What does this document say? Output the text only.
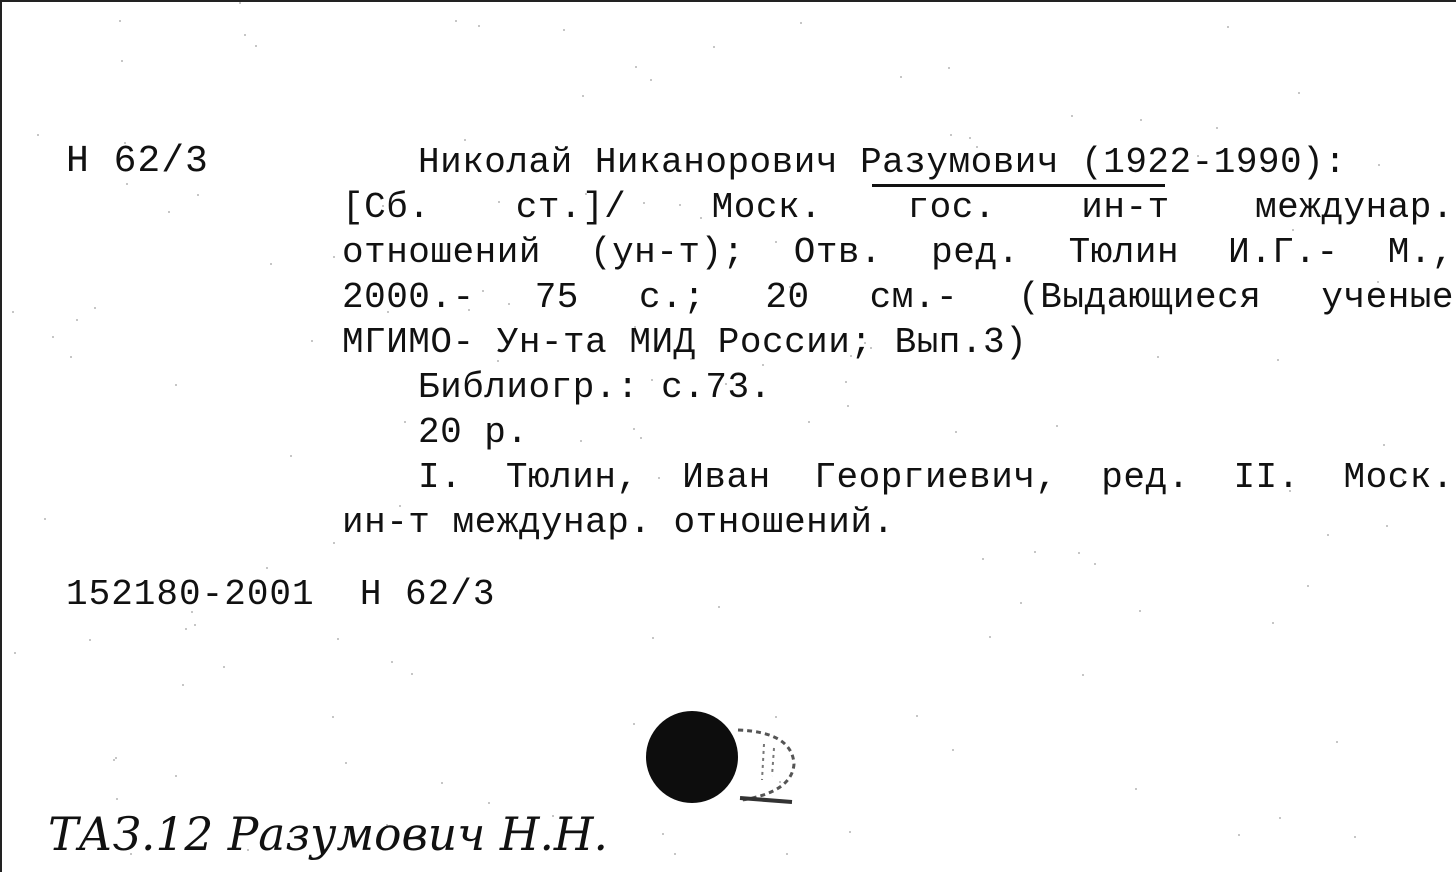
Н 62/3	Николай Никанорович Разумович (1922-1990):
[Сб. ст.]/ Моск. гос. ин-т междунар.
отношений (ун-т); Отв. ред. Тюлин И.Г.- М.,
2000.- 75 с.; 20 см.- (Выдающиеся ученые
МГИМО- Ун-та МИД России; Вып.3)
Библиогр.: с.73.
20 р.
I. Тюлин, Иван Георгиевич, ред. II. Моск.
ин-т междунар. отношений.
152180-2001  Н 62/3
ТАЗ.12 Разумович Н.Н.
